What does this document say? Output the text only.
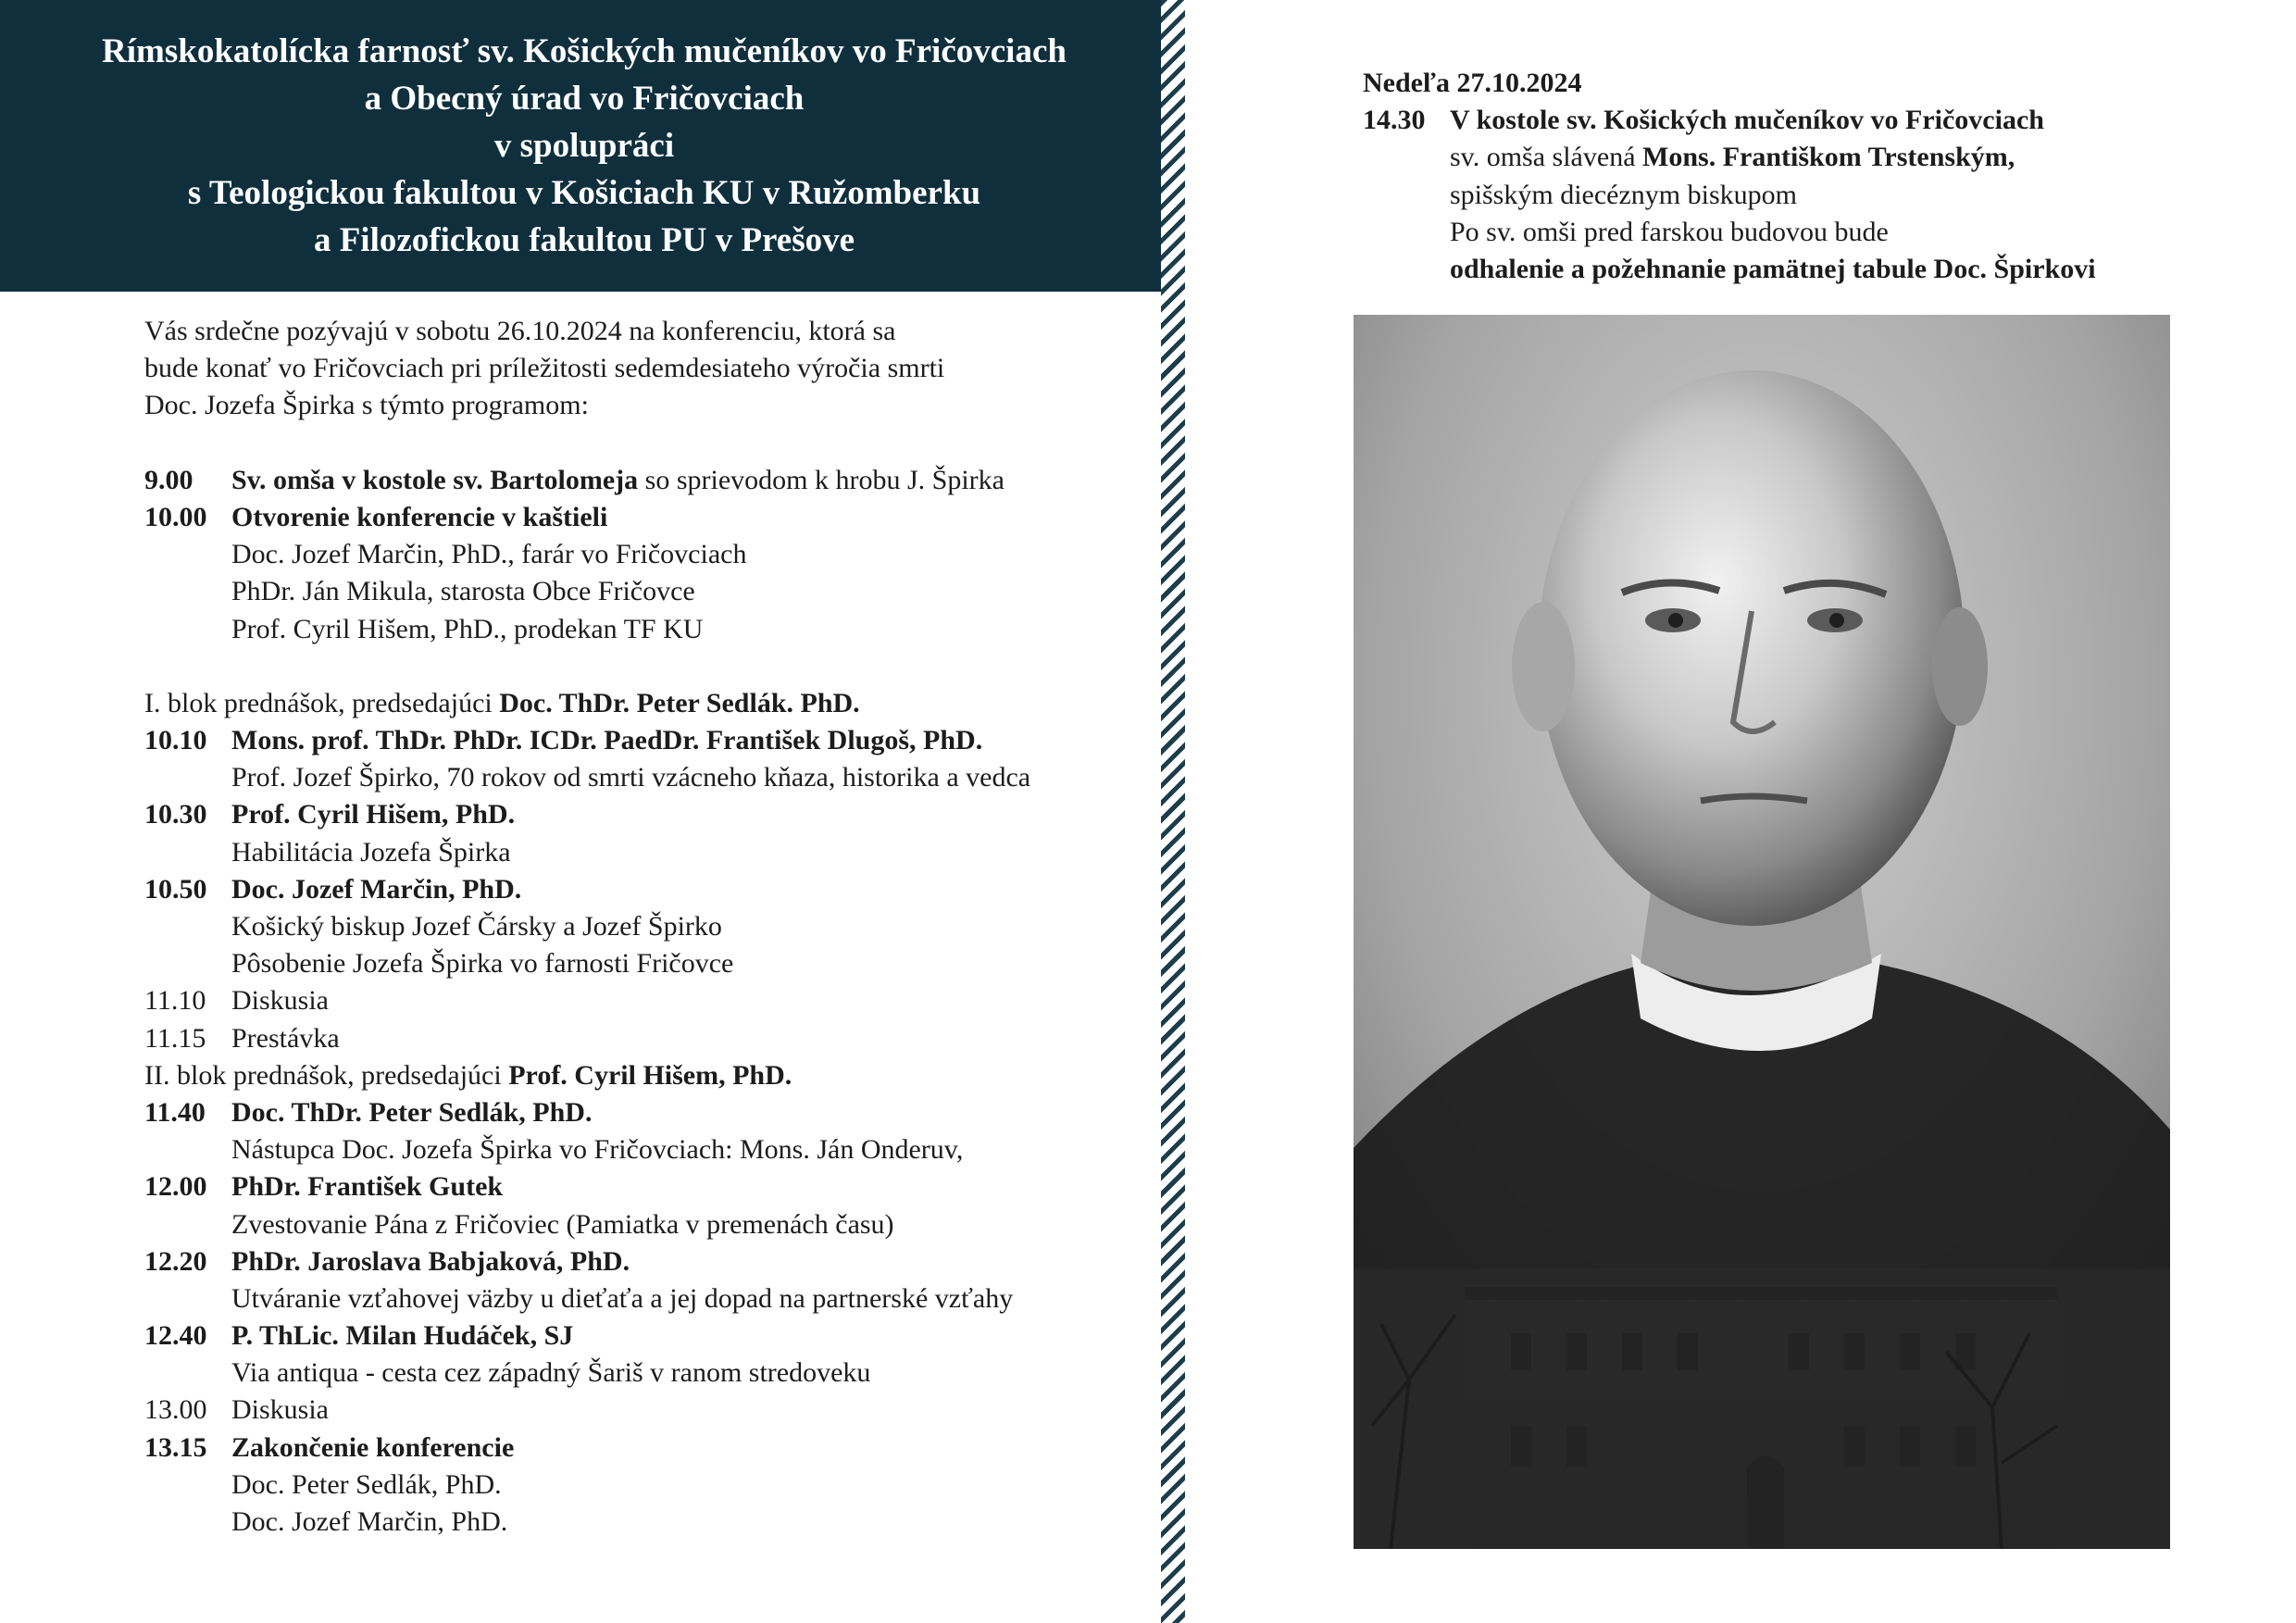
Rímskokatolícka farnosť sv. Košických mučeníkov vo Fričovciach
a Obecný úrad vo Fričovciach
v spolupráci
s Teologickou fakultou v Košiciach KU v Ružomberku
a Filozofickou fakultou PU v Prešove
Vás srdečne pozývajú v sobotu 26.10.2024 na konferenciu, ktorá sa
bude konať vo Fričovciach pri príležitosti sedemdesiateho výročia smrti
Doc. Jozefa Špirka s týmto programom:
9.00	Sv. omša v kostole sv. Bartolomeja so sprievodom k hrobu J. Špirka
10.00 Otvorenie konferencie v kaštieli
Doc. Jozef Marčin, PhD., farár vo Fričovciach
PhDr. Ján Mikula, starosta Obce Fričovce
Prof. Cyril Hišem, PhD., prodekan TF KU
I. blok prednášok, predsedajúci Doc. ThDr. Peter Sedlák. PhD.
10.10 Mons. prof. ThDr. PhDr. ICDr. PaedDr. František Dlugoš, PhD.
Prof. Jozef Špirko, 70 rokov od smrti vzácneho kňaza, historika a vedca
10.30 Prof. Cyril Hišem, PhD.
Habilitácia Jozefa Špirka
10.50 Doc. Jozef Marčin, PhD.
Košický biskup Jozef Čársky a Jozef Špirko
Pôsobenie Jozefa Špirka vo farnosti Fričovce
11.10 Diskusia
11.15 Prestávka
II. blok prednášok, predsedajúci Prof. Cyril Hišem, PhD.
11.40 Doc. ThDr. Peter Sedlák, PhD.
Nástupca Doc. Jozefa Špirka vo Fričovciach: Mons. Ján Onderuv,
12.00 PhDr. František Gutek
Zvestovanie Pána z Fričoviec (Pamiatka v premenách času)
12.20 PhDr. Jaroslava Babjaková, PhD.
Utváranie vzťahovej väzby u dieťaťa a jej dopad na partnerské vzťahy
12.40 P. ThLic. Milan Hudáček, SJ
Via antiqua - cesta cez západný Šariš v ranom stredoveku
13.00 Diskusia
13.15 Zakončenie konferencie
Doc. Peter Sedlák, PhD.
Doc. Jozef Marčin, PhD.
Nedeľa 27.10.2024
14.30 V kostole sv. Košických mučeníkov vo Fričovciach
sv. omša slávená Mons. Františkom Trstenským,
spišským diecéznym biskupom
Po sv. omši pred farskou budovou bude
odhalenie a požehnanie pamätnej tabule Doc. Špirkovi
